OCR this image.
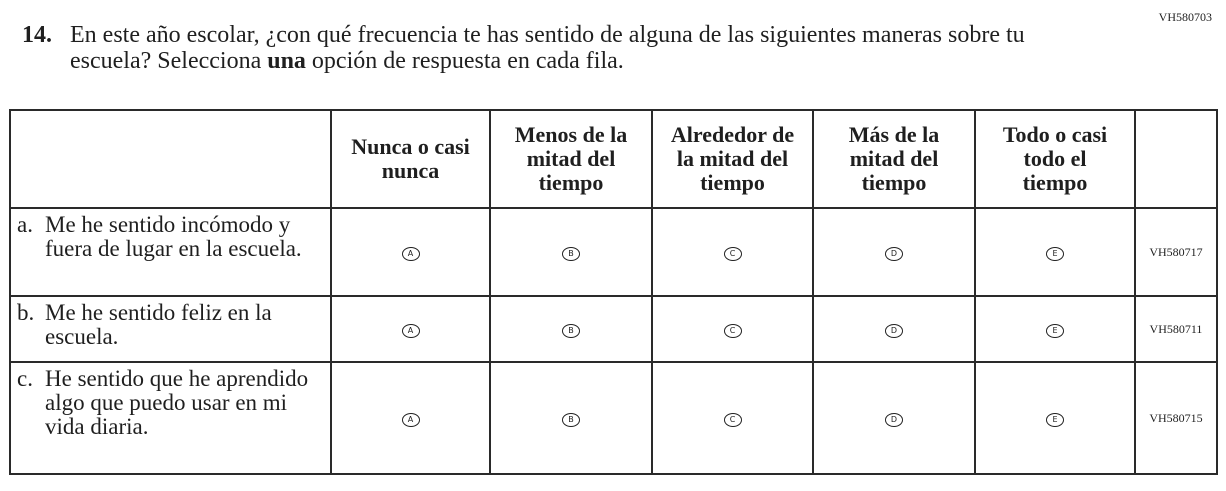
VH580703
14. En este año escolar, ¿con qué frecuencia te has sentido de alguna de las siguientes maneras sobre tu escuela? Selecciona una opción de respuesta en cada fila.

	Nunca o casi nunca	Menos de la mitad del tiempo	Alrededor de la mitad del tiempo	Más de la mitad del tiempo	Todo o casi todo el tiempo	

a. Me he sentido incómodo y fuera de lugar en la escuela.	A	B	C	D	E	VH580717

b. Me he sentido feliz en la escuela.	A	B	C	D	E	VH580711

c. He sentido que he aprendido algo que puedo usar en mi vida diaria.	A	B	C	D	E	VH580715
